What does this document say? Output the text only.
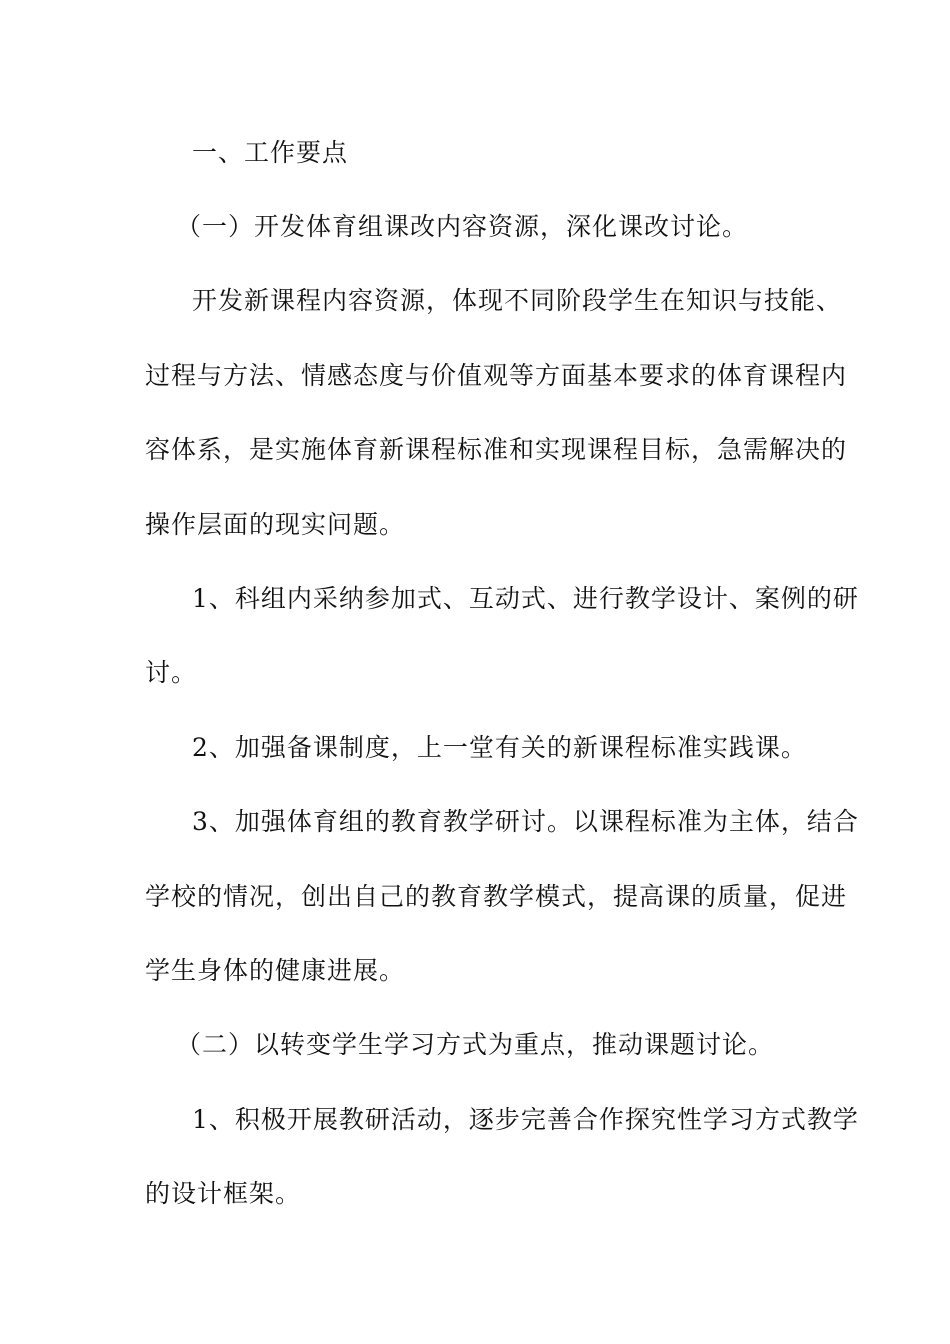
一、工作要点
（一）开发体育组课改内容资源，深化课改讨论。
开发新课程内容资源，体现不同阶段学生在知识与技能、
过程与方法、情感态度与价值观等方面基本要求的体育课程内
容体系，是实施体育新课程标准和实现课程目标，急需解决的
操作层面的现实问题。
1、科组内采纳参加式、互动式、进行教学设计、案例的研
讨。
2、加强备课制度，上一堂有关的新课程标准实践课。
3、加强体育组的教育教学研讨。以课程标准为主体，结合
学校的情况，创出自己的教育教学模式，提高课的质量，促进
学生身体的健康进展。
（二）以转变学生学习方式为重点，推动课题讨论。
1、积极开展教研活动，逐步完善合作探究性学习方式教学
的设计框架。
